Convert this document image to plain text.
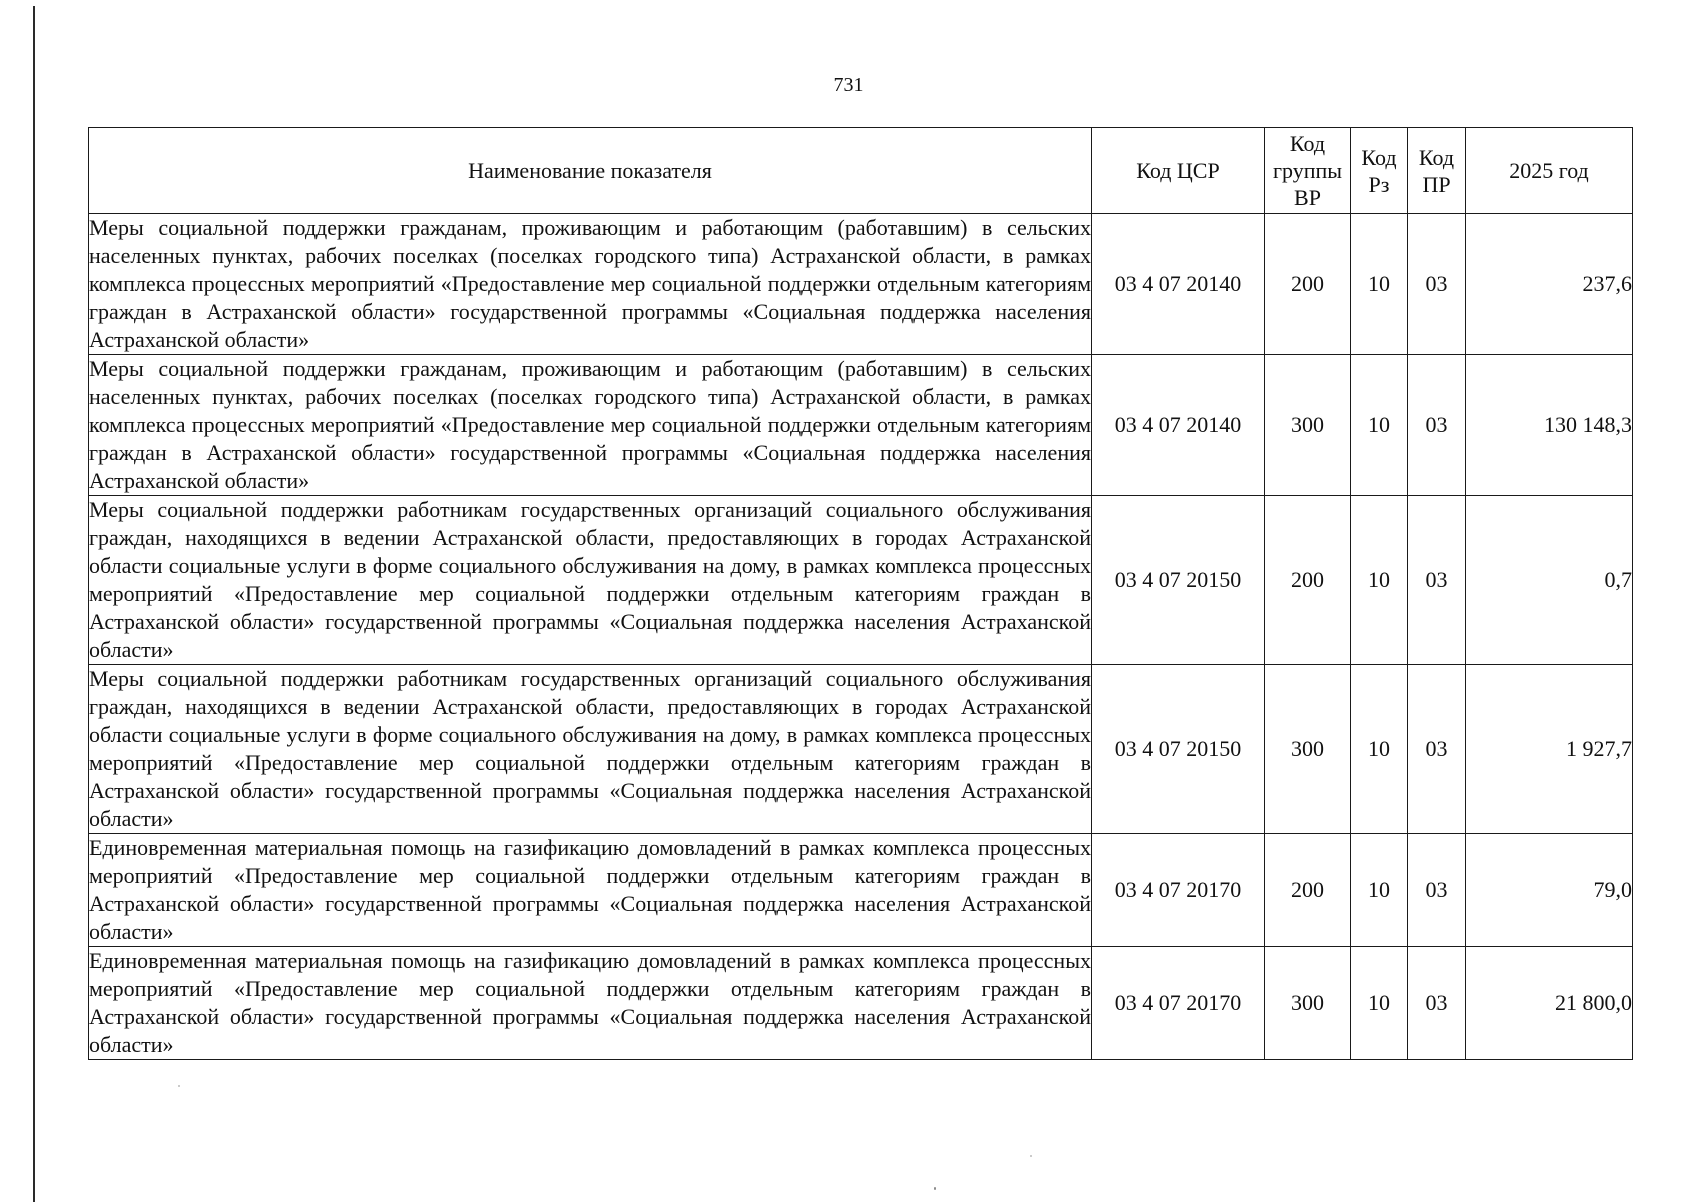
731
Наименование показателя	Код ЦСР	Код группы ВР	Код Рз	Код ПР	2025 год
Меры социальной поддержки гражданам, проживающим и работающим (работавшим) в сельских населенных пунктах, рабочих поселках (поселках городского типа) Астраханской области, в рамках комплекса процессных мероприятий «Предоставление мер социальной поддержки отдельным категориям граждан в Астраханской области» государственной программы «Социальная поддержка населения Астраханской области»	03 4 07 20140	200	10	03	237,6
Меры социальной поддержки гражданам, проживающим и работающим (работавшим) в сельских населенных пунктах, рабочих поселках (поселках городского типа) Астраханской области, в рамках комплекса процессных мероприятий «Предоставление мер социальной поддержки отдельным категориям граждан в Астраханской области» государственной программы «Социальная поддержка населения Астраханской области»	03 4 07 20140	300	10	03	130 148,3
Меры социальной поддержки работникам государственных организаций социального обслуживания граждан, находящихся в ведении Астраханской области, предоставляющих в городах Астраханской области социальные услуги в форме социального обслуживания на дому, в рамках комплекса процессных мероприятий «Предоставление мер социальной поддержки отдельным категориям граждан в Астраханской области» государственной программы «Социальная поддержка населения Астраханской области»	03 4 07 20150	200	10	03	0,7
Меры социальной поддержки работникам государственных организаций социального обслуживания граждан, находящихся в ведении Астраханской области, предоставляющих в городах Астраханской области социальные услуги в форме социального обслуживания на дому, в рамках комплекса процессных мероприятий «Предоставление мер социальной поддержки отдельным категориям граждан в Астраханской области» государственной программы «Социальная поддержка населения Астраханской области»	03 4 07 20150	300	10	03	1 927,7
Единовременная материальная помощь на газификацию домовладений в рамках комплекса процессных мероприятий «Предоставление мер социальной поддержки отдельным категориям граждан в Астраханской области» государственной программы «Социальная поддержка населения Астраханской области»	03 4 07 20170	200	10	03	79,0
Единовременная материальная помощь на газификацию домовладений в рамках комплекса процессных мероприятий «Предоставление мер социальной поддержки отдельным категориям граждан в Астраханской области» государственной программы «Социальная поддержка населения Астраханской области»	03 4 07 20170	300	10	03	21 800,0
